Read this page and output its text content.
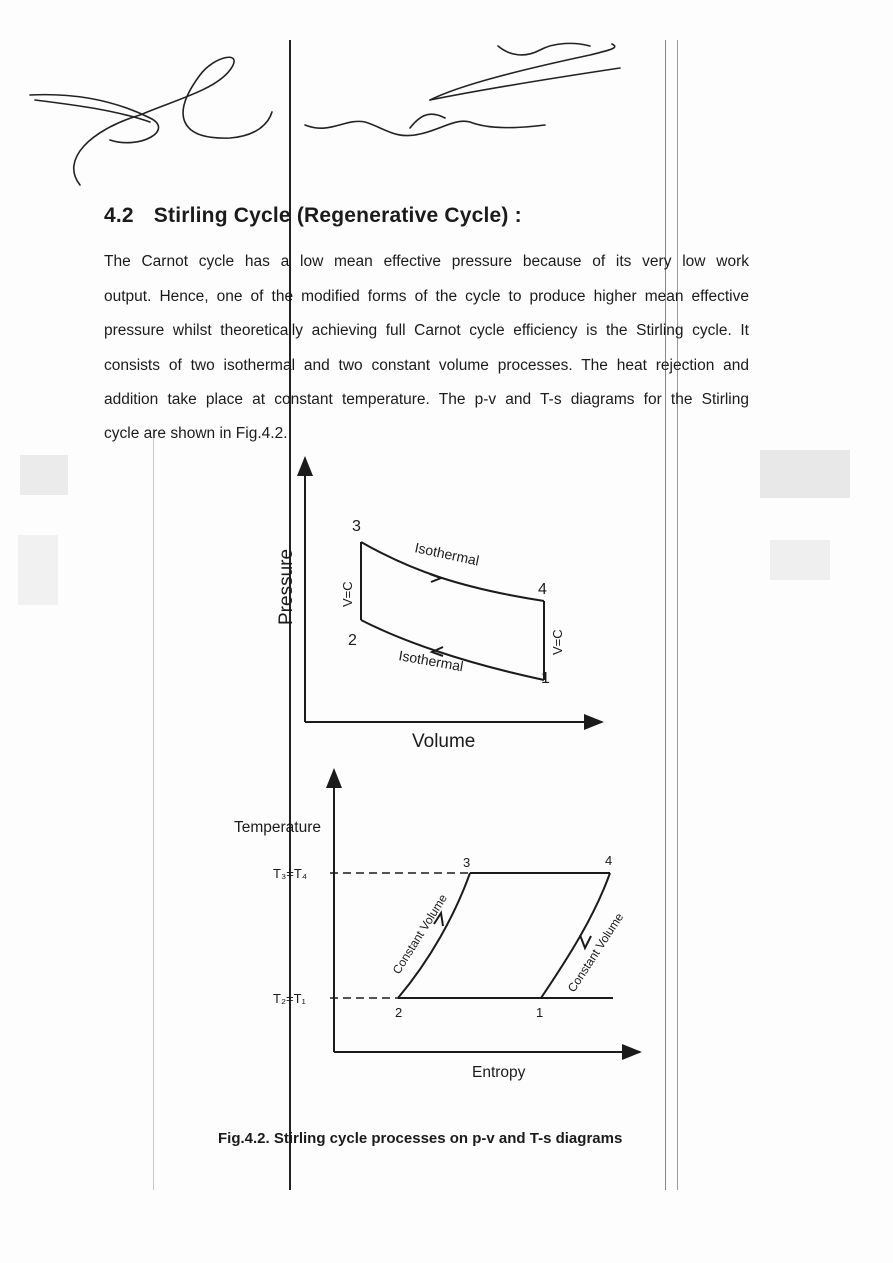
4.2 Stirling Cycle (Regenerative Cycle) :
The Carnot cycle has a low mean effective pressure because of its very low work
output. Hence, one of the modified forms of the cycle to produce higher mean effective
pressure whilst theoretically achieving full Carnot cycle efficiency is the Stirling cycle. It
consists of two isothermal and two constant volume processes. The heat rejection and
addition take place at constant temperature. The p-v and T-s diagrams for the Stirling
cycle are shown in Fig.4.2.
Pressure
Volume
3
4
2
1
Isothermal
Isothermal
V=C
V=C
Temperature
Entropy
T₃=T₄
T₂=T₁
3	4
2	1
Constant Volume	Constant Volume
Fig.4.2. Stirling cycle processes on p-v and T-s diagrams
